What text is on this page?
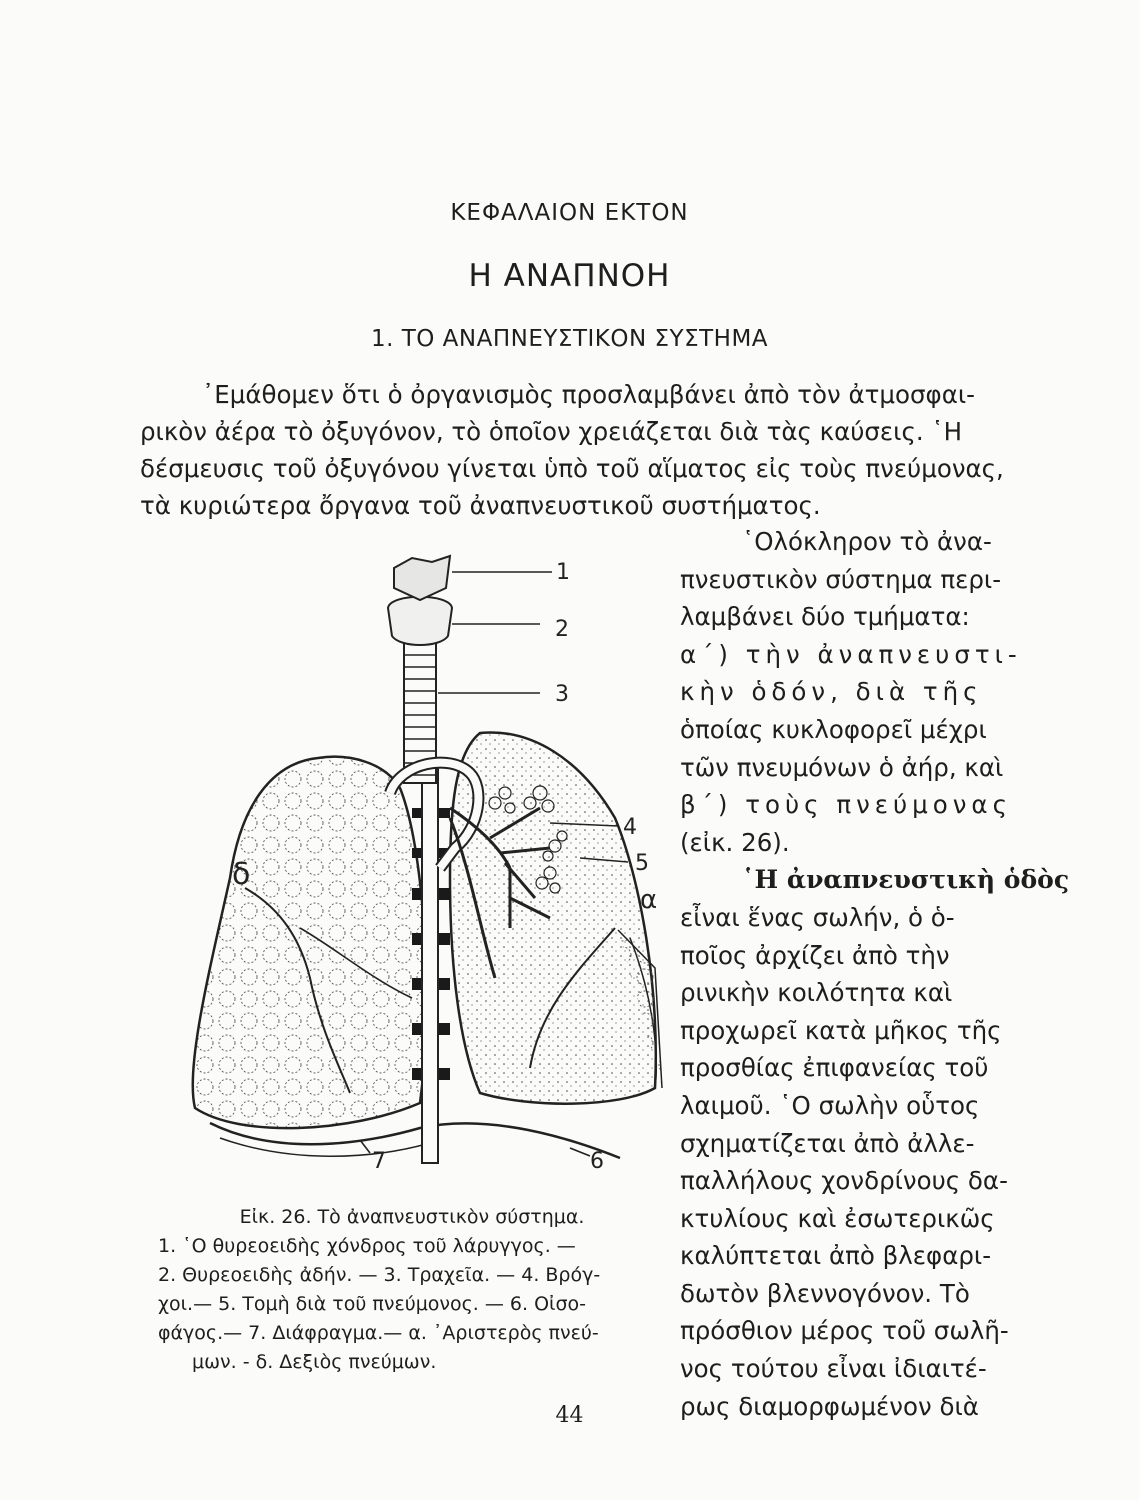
ΚΕΦΑΛΑΙΟΝ ΕΚΤΟΝ
Η ΑΝΑΠΝΟΗ
1. ΤΟ ΑΝΑΠΝΕΥΣΤΙΚΟΝ ΣΥΣΤΗΜΑ
᾿Εμάθομεν ὅτι ὁ ὀργανισμὸς προσλαμβάνει ἀπὸ τὸν ἀτμοσφαι-
ρικὸν ἀέρα τὸ ὀξυγόνον, τὸ ὁποῖον χρειάζεται διὰ τὰς καύσεις. ῾Η
δέσμευσις τοῦ ὀξυγόνου γίνεται ὑπὸ τοῦ αἵματος εἰς τοὺς πνεύμονας,
τὰ κυριώτερα ὄργανα τοῦ ἀναπνευστικοῦ συστήματος.
1
2
3
4
5
6
7
α
δ
Εἰκ. 26. Τὸ ἀναπνευστικὸν σύστημα.
1. ῾Ο θυρεοειδὴς χόνδρος τοῦ λάρυγγος. —
2. Θυρεοειδὴς ἀδήν. — 3. Τραχεῖα. — 4. Βρόγ-
χοι.— 5. Τομὴ διὰ τοῦ πνεύμονος. — 6. Οἰσο-
φάγος.— 7. Διάφραγμα.— α. ᾿Αριστερὸς πνεύ-
μων. - δ. Δεξιὸς πνεύμων.
῾Ολόκληρον τὸ ἀνα-
πνευστικὸν σύστημα περι-
λαμβάνει δύο τμήματα:
α΄) τὴν ἀναπνευστι-
κὴν ὁδόν, διὰ τῆς
ὁποίας κυκλοφορεῖ μέχρι
τῶν πνευμόνων ὁ ἀήρ, καὶ
β΄) τοὺς πνεύμονας
(εἰκ. 26).
῾Η ἀναπνευστικὴ ὁδὸς
εἶναι ἕνας σωλήν, ὁ ὁ-
ποῖος ἀρχίζει ἀπὸ τὴν
ρινικὴν κοιλότητα καὶ
προχωρεῖ κατὰ μῆκος τῆς
προσθίας ἐπιφανείας τοῦ
λαιμοῦ. ῾Ο σωλὴν οὗτος
σχηματίζεται ἀπὸ ἀλλε-
παλλήλους χονδρίνους δα-
κτυλίους καὶ ἐσωτερικῶς
καλύπτεται ἀπὸ βλεφαρι-
δωτὸν βλεννογόνον. Τὸ
πρόσθιον μέρος τοῦ σωλῆ-
νος τούτου εἶναι ἰδιαιτέ-
ρως διαμορφωμένον διὰ
44
